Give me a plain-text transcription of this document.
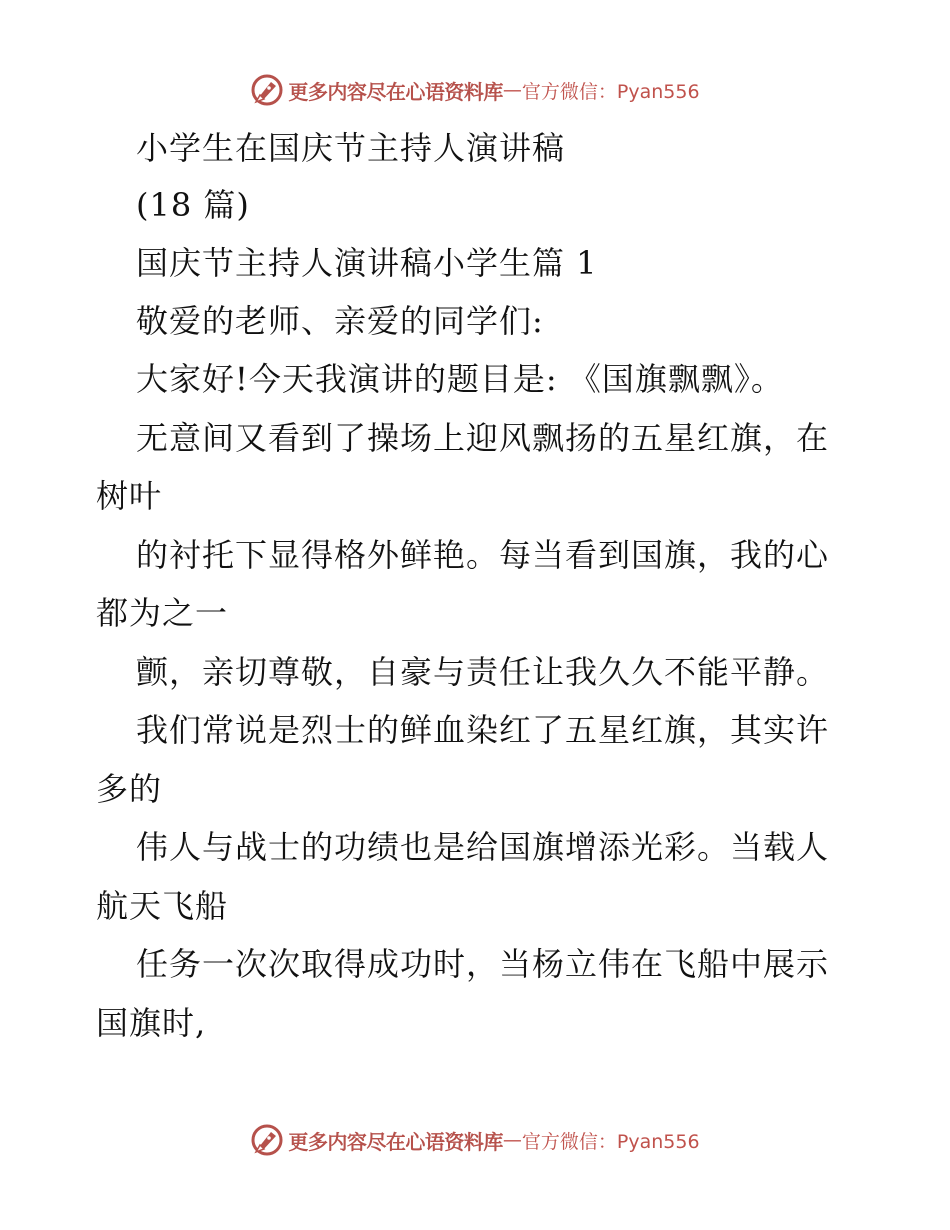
更多内容尽在心语资料库 — 官方微信：Pyan556
小学生在国庆节主持人演讲稿
(18 篇)
国庆节主持人演讲稿小学生篇 1
敬爱的老师、亲爱的同学们:
大家好!今天我演讲的题目是: 《国旗飘飘》。
无意间又看到了操场上迎风飘扬的五星红旗，在
树叶
的衬托下显得格外鲜艳。每当看到国旗，我的心
都为之一
颤，亲切尊敬，自豪与责任让我久久不能平静。
我们常说是烈士的鲜血染红了五星红旗，其实许
多的
伟人与战士的功绩也是给国旗增添光彩。当载人
航天飞船
任务一次次取得成功时，当杨立伟在飞船中展示
国旗时,
更多内容尽在心语资料库 — 官方微信：Pyan556
